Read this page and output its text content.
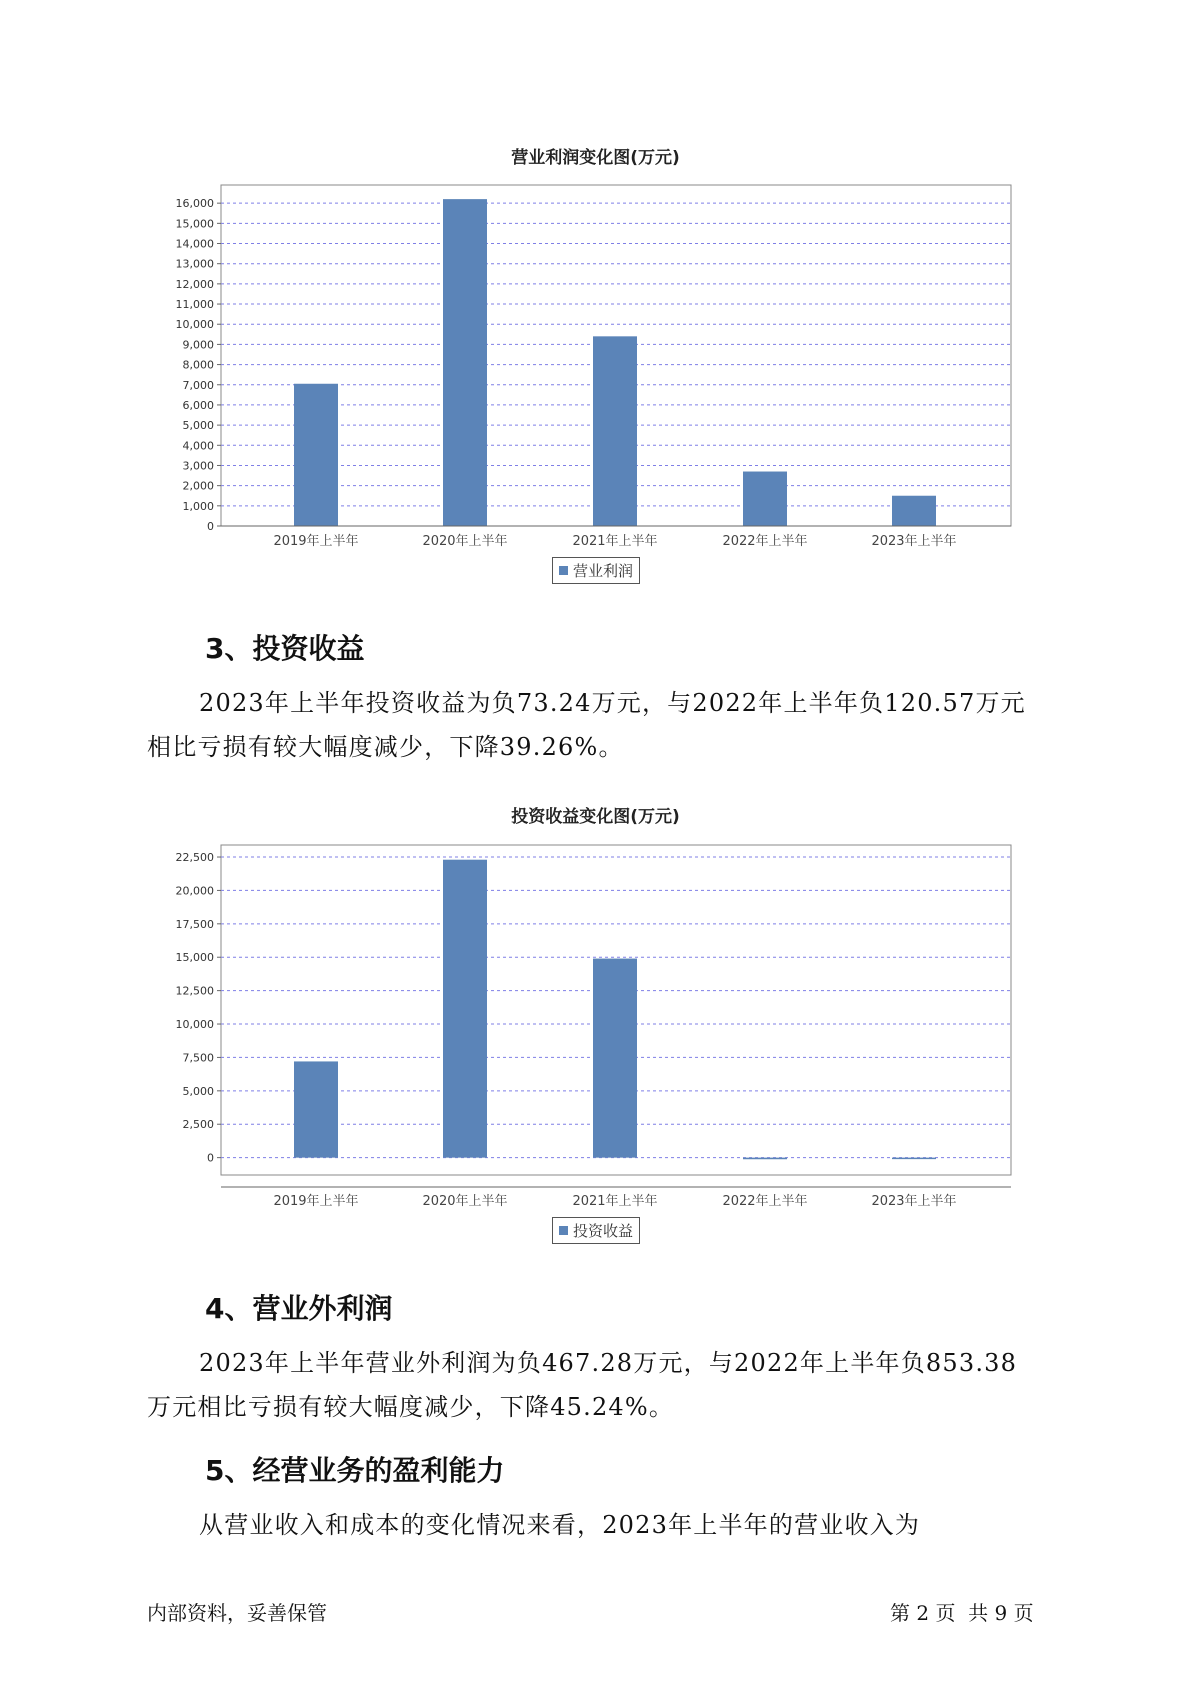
营业利润变化图(万元)
0
1,000
2,000
3,000
4,000
5,000
6,000
7,000
8,000
9,000
10,000
11,000
12,000
13,000
14,000
15,000
16,000
2019年上半年	2020年上半年	2021年上半年	2022年上半年	2023年上半年
营业利润
3、投资收益
2023年上半年投资收益为负73.24万元，与2022年上半年负120.57万元
相比亏损有较大幅度减少，下降39.26%。
投资收益变化图(万元)
0
2,500
5,000
7,500
10,000
12,500
15,000
17,500
20,000
22,500
2019年上半年	2020年上半年	2021年上半年	2022年上半年	2023年上半年
投资收益
4、营业外利润
2023年上半年营业外利润为负467.28万元，与2022年上半年负853.38
万元相比亏损有较大幅度减少，下降45.24%。
5、经营业务的盈利能力
从营业收入和成本的变化情况来看，2023年上半年的营业收入为
内部资料，妥善保管	第 2 页  共 9 页
